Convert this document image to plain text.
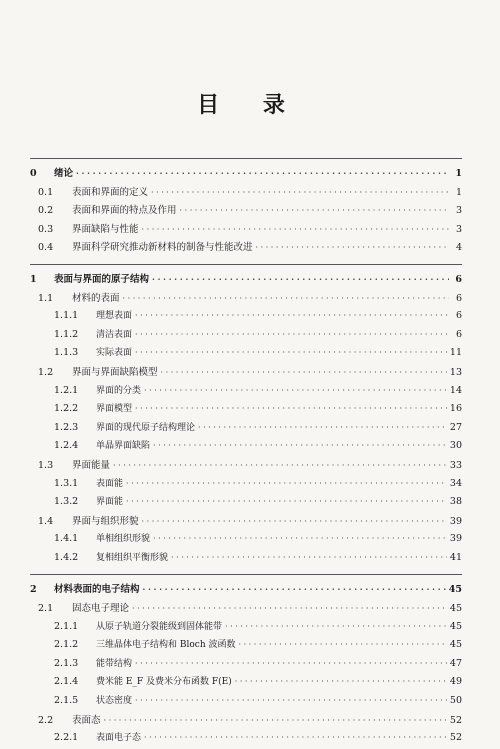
目 录
0	绪论 · · ·	1
0.1	表面和界面的定义 · · ·	1
0.2	表面和界面的特点及作用 · · ·	3
0.3	界面缺陷与性能 · · ·	3
0.4	界面科学研究推动新材料的制备与性能改进 · · ·	4
1	表面与界面的原子结构 · · ·	6
1.1	材料的表面 · · ·	6
1.1.1	理想表面 · · ·	6
1.1.2	清洁表面 · · ·	6
1.1.3	实际表面 · · ·	11
1.2	界面与界面缺陷模型 · · ·	13
1.2.1	界面的分类 · · ·	14
1.2.2	界面模型 · · ·	16
1.2.3	界面的现代原子结构理论 · · ·	27
1.2.4	单晶界面缺陷 · · ·	30
1.3	界面能量 · · ·	33
1.3.1	表面能 · · ·	34
1.3.2	界面能 · · ·	38
1.4	界面与组织形貌 · · ·	39
1.4.1	单相组织形貌 · · ·	39
1.4.2	复相组织平衡形貌 · · ·	41
2	材料表面的电子结构 · · ·	45
2.1	固态电子理论 · · ·	45
2.1.1	从原子轨道分裂能级到固体能带 · · ·	45
2.1.2	三维晶体电子结构和 Bloch 波函数 · · ·	45
2.1.3	能带结构 · · ·	47
2.1.4	费米能 E_F 及费米分布函数 F(E) · · ·	49
2.1.5	状态密度 · · ·	50
2.2	表面态 · · ·	52
2.2.1	表面电子态 · · ·	52
